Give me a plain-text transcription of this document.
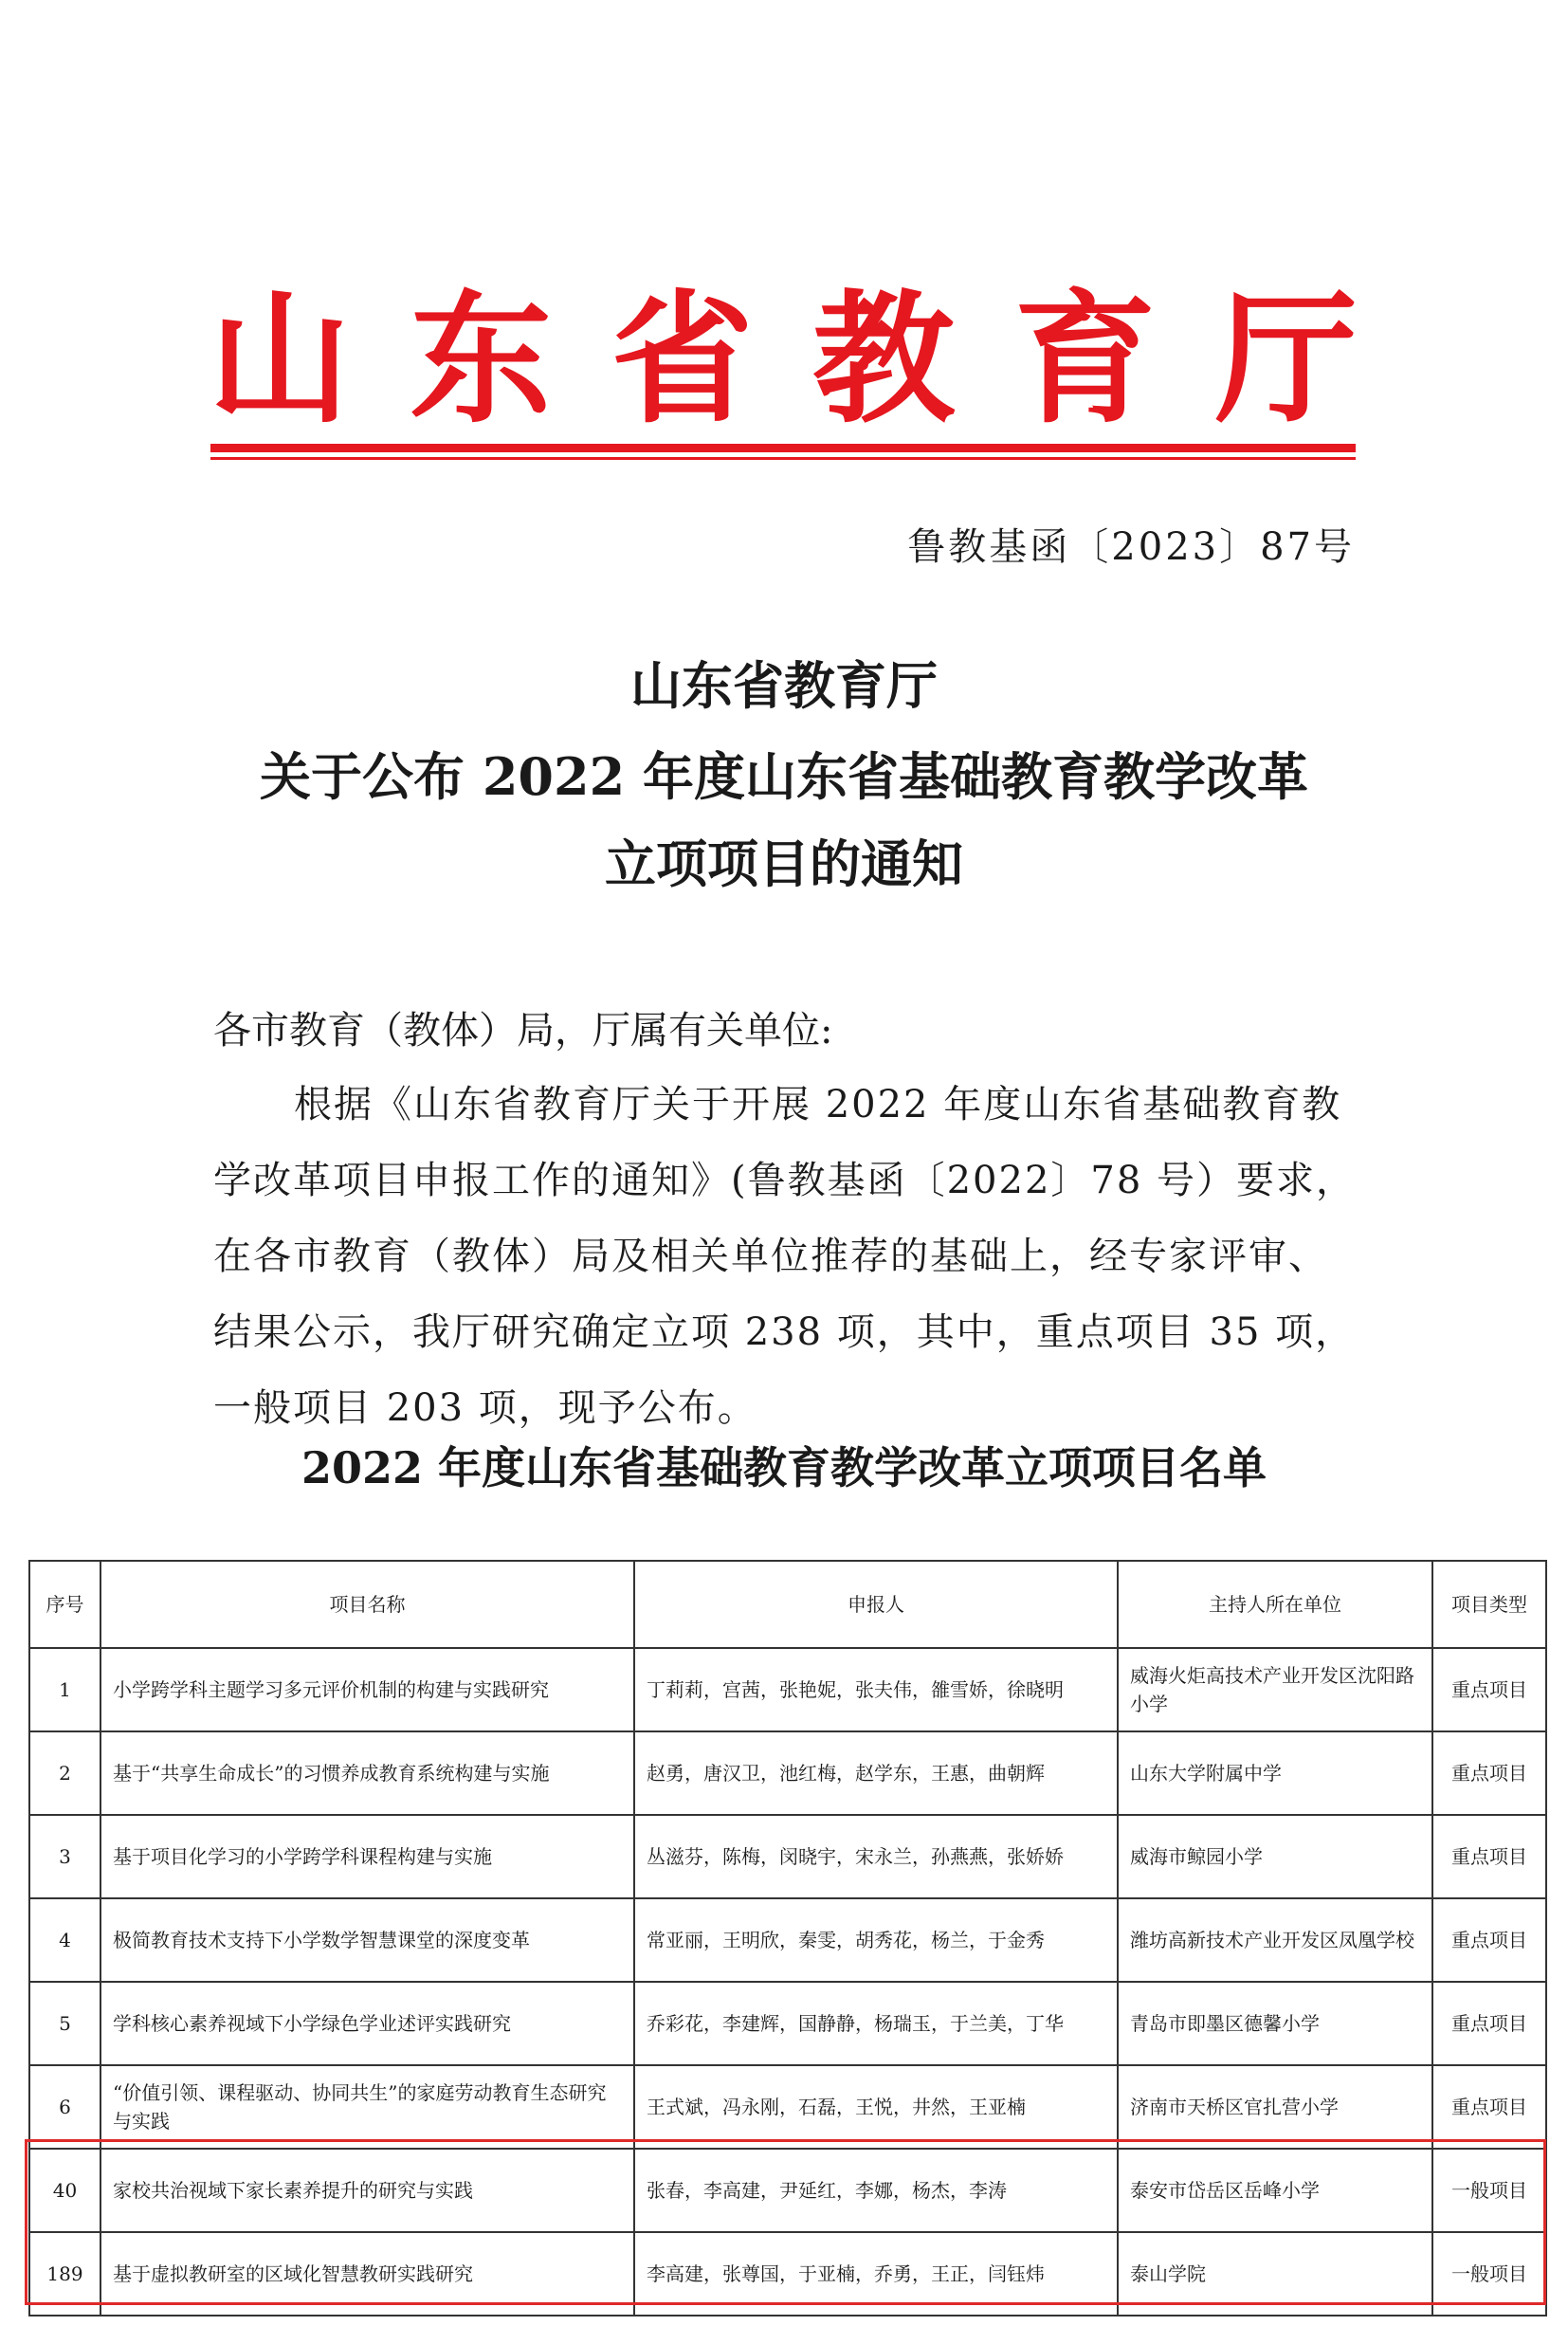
山 东 省 教 育 厅
鲁教基函〔2023〕87号
山东省教育厅
关于公布 2022 年度山东省基础教育教学改革
立项项目的通知
各市教育（教体）局，厅属有关单位:
根据《山东省教育厅关于开展 2022 年度山东省基础教育教
学改革项目申报工作的通知》(鲁教基函〔2022〕78 号）要求，
在各市教育（教体）局及相关单位推荐的基础上，经专家评审、
结果公示，我厅研究确定立项 238 项，其中，重点项目 35 项，
一般项目 203 项，现予公布。
2022 年度山东省基础教育教学改革立项项目名单
序号	项目名称	申报人	主持人所在单位	项目类型
1	小学跨学科主题学习多元评价机制的构建与实践研究	丁莉莉，宫茜，张艳妮，张夫伟，雒雪娇，徐晓明	威海火炬高技术产业开发区沈阳路小学	重点项目
2	基于“共享生命成长”的习惯养成教育系统构建与实施	赵勇，唐汉卫，池红梅，赵学东，王惠，曲朝辉	山东大学附属中学	重点项目
3	基于项目化学习的小学跨学科课程构建与实施	丛滋芬，陈梅，闵晓宇，宋永兰，孙燕燕，张娇娇	威海市鲸园小学	重点项目
4	极简教育技术支持下小学数学智慧课堂的深度变革	常亚丽，王明欣，秦雯，胡秀花，杨兰，于金秀	潍坊高新技术产业开发区凤凰学校	重点项目
5	学科核心素养视域下小学绿色学业述评实践研究	乔彩花，李建辉，国静静，杨瑞玉，于兰美，丁华	青岛市即墨区德馨小学	重点项目
6	“价值引领、课程驱动、协同共生”的家庭劳动教育生态研究与实践	王式斌，冯永刚，石磊，王悦，井然，王亚楠	济南市天桥区官扎营小学	重点项目
40	家校共治视域下家长素养提升的研究与实践	张春，李高建，尹延红，李娜，杨杰，李涛	泰安市岱岳区岳峰小学	一般项目
189	基于虚拟教研室的区域化智慧教研实践研究	李高建，张尊国，于亚楠，乔勇，王正，闫钰炜	泰山学院	一般项目
